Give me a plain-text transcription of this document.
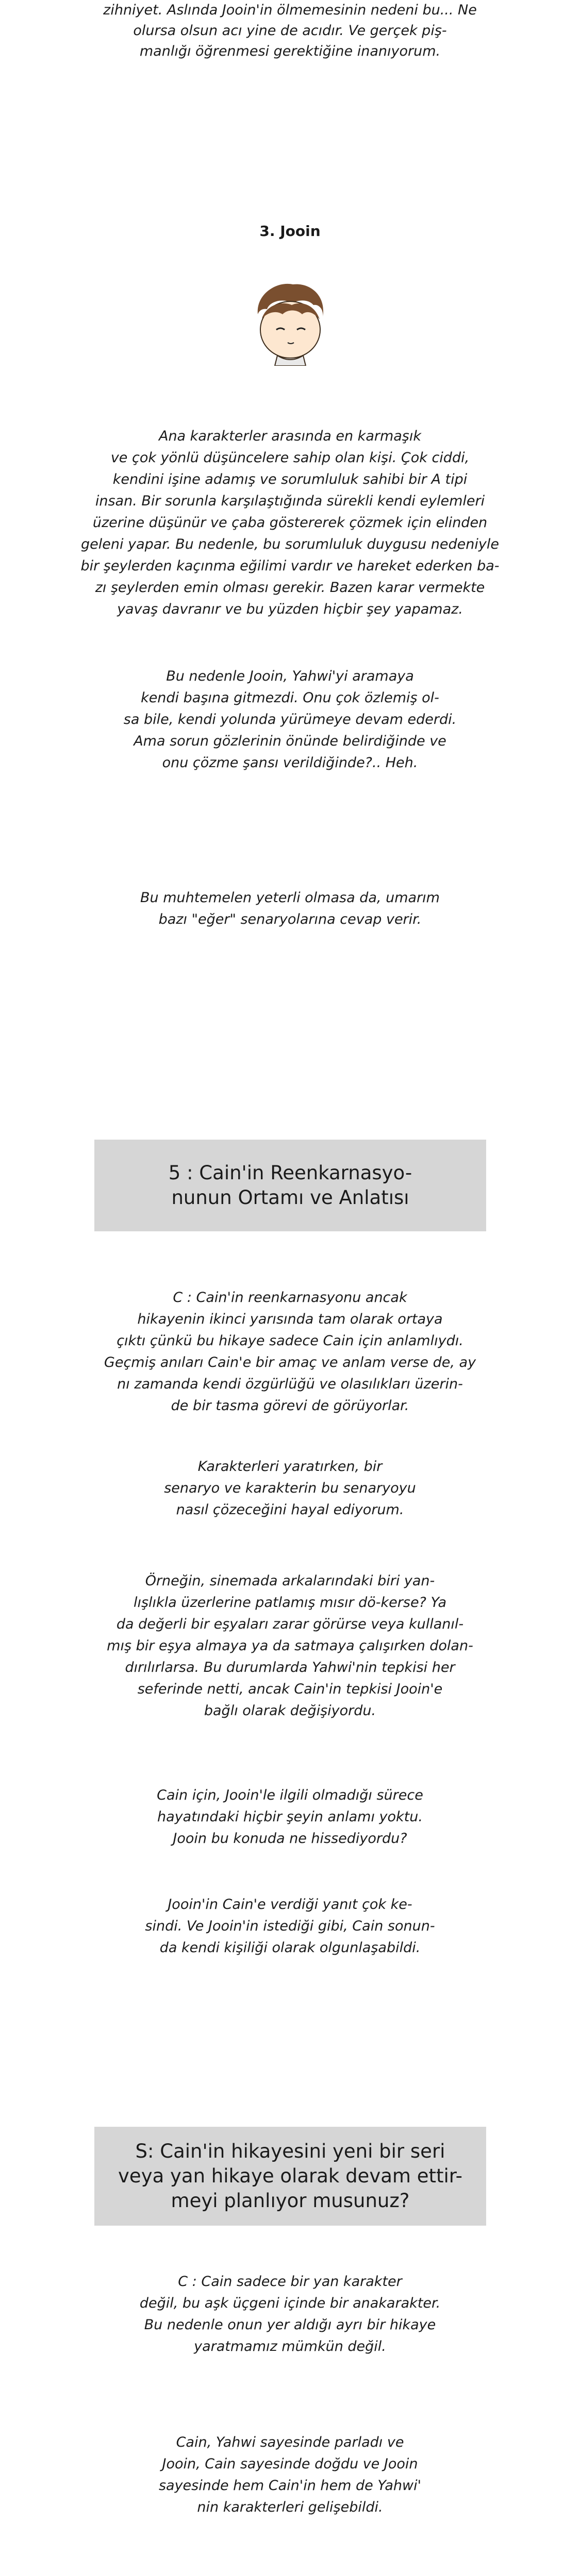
zihniyet. Aslında Jooin'in ölmemesinin nedeni bu... Ne
olursa olsun acı yine de acıdır. Ve gerçek piş-
manlığı öğrenmesi gerektiğine inanıyorum.

3. Jooin

Ana karakterler arasında en karmaşık
ve çok yönlü düşüncelere sahip olan kişi. Çok ciddi,
kendini işine adamış ve sorumluluk sahibi bir A tipi
insan. Bir sorunla karşılaştığında sürekli kendi eylemleri
üzerine düşünür ve çaba göstererek çözmek için elinden
geleni yapar. Bu nedenle, bu sorumluluk duygusu nedeniyle
bir şeylerden kaçınma eğilimi vardır ve hareket ederken ba-
zı şeylerden emin olması gerekir. Bazen karar vermekte
yavaş davranır ve bu yüzden hiçbir şey yapamaz.

Bu nedenle Jooin, Yahwi'yi aramaya
kendi başına gitmezdi. Onu çok özlemiş ol-
sa bile, kendi yolunda yürümeye devam ederdi.
Ama sorun gözlerinin önünde belirdiğinde ve
onu çözme şansı verildiğinde?.. Heh.

Bu muhtemelen yeterli olmasa da, umarım
bazı "eğer" senaryolarına cevap verir.

5 : Cain'in Reenkarnasyo-
nunun Ortamı ve Anlatısı

C : Cain'in reenkarnasyonu ancak
hikayenin ikinci yarısında tam olarak ortaya
çıktı çünkü bu hikaye sadece Cain için anlamlıydı.
Geçmiş anıları Cain'e bir amaç ve anlam verse de, ay
nı zamanda kendi özgürlüğü ve olasılıkları üzerin-
de bir tasma görevi de görüyorlar.

Karakterleri yaratırken, bir
senaryo ve karakterin bu senaryoyu
nasıl çözeceğini hayal ediyorum.

Örneğin, sinemada arkalarındaki biri yan-
lışlıkla üzerlerine patlamış mısır dö-kerse? Ya
da değerli bir eşyaları zarar görürse veya kullanıl-
mış bir eşya almaya ya da satmaya çalışırken dolan-
dırılırlarsa. Bu durumlarda Yahwi'nin tepkisi her
seferinde netti, ancak Cain'in tepkisi Jooin'e
bağlı olarak değişiyordu.

Cain için, Jooin'le ilgili olmadığı sürece
hayatındaki hiçbir şeyin anlamı yoktu.
Jooin bu konuda ne hissediyordu?

Jooin'in Cain'e verdiği yanıt çok ke-
sindi. Ve Jooin'in istediği gibi, Cain sonun-
da kendi kişiliği olarak olgunlaşabildi.

S: Cain'in hikayesini yeni bir seri
veya yan hikaye olarak devam ettir-
meyi planlıyor musunuz?

C : Cain sadece bir yan karakter
değil, bu aşk üçgeni içinde bir anakarakter.
Bu nedenle onun yer aldığı ayrı bir hikaye
yaratmamız mümkün değil.

Cain, Yahwi sayesinde parladı ve
Jooin, Cain sayesinde doğdu ve Jooin
sayesinde hem Cain'in hem de Yahwi'
nin karakterleri gelişebildi.
